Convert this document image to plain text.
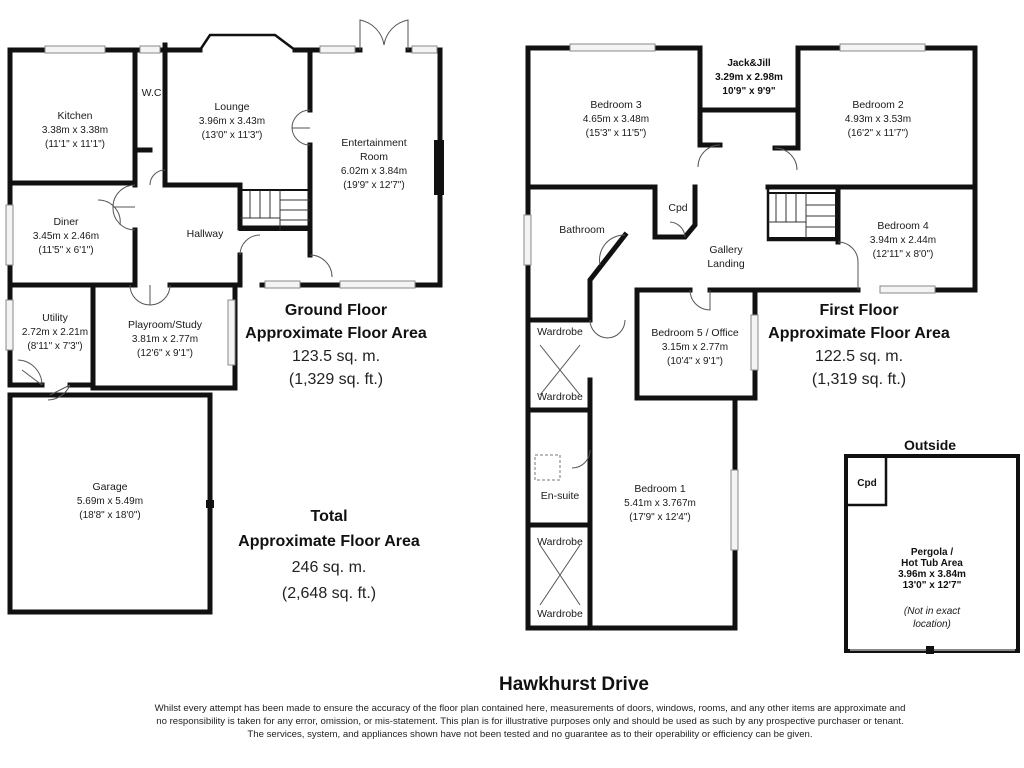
Kitchen
3.38m x 3.38m
(11'1" x 11'1")
W.C.
Lounge
3.96m x 3.43m
(13'0" x 11'3")
Entertainment
Room
6.02m x 3.84m
(19'9" x 12'7")
Diner
3.45m x 2.46m
(11'5" x 6'1")
Hallway
Utility
2.72m x 2.21m
(8'11" x 7'3")
Playroom/Study
3.81m x 2.77m
(12'6" x 9'1")
Garage
5.69m x 5.49m
(18'8" x 18'0")
Ground Floor
Approximate Floor Area
123.5 sq. m.
(1,329 sq. ft.)
Total
Approximate Floor Area
246 sq. m.
(2,648 sq. ft.)
Bedroom 3
4.65m x 3.48m
(15'3" x 11'5")
Jack&Jill
3.29m x 2.98m
10'9" x 9'9"
Bedroom 2
4.93m x 3.53m
(16'2" x 11'7")
Bathroom
Cpd
Gallery
Landing
Bedroom 4
3.94m x 2.44m
(12'11" x 8'0")
Wardrobe
Wardrobe
Bedroom 5 / Office
3.15m x 2.77m
(10'4" x 9'1")
En-suite
Bedroom 1
5.41m x 3.767m
(17'9" x 12'4")
Wardrobe
Wardrobe
First Floor
Approximate Floor Area
122.5 sq. m.
(1,319 sq. ft.)
Outside
Cpd
Pergola /
Hot Tub Area
3.96m x 3.84m
13'0" x 12'7"
(Not in exact
location)
Hawkhurst Drive
Whilst every attempt has been made to ensure the accuracy of the floor plan contained here, measurements of doors, windows, rooms, and any other items are approximate and
no responsibility is taken for any error, omission, or mis-statement. This plan is for illustrative purposes only and should be used as such by any prospective purchaser or tenant.
The services, system, and appliances shown have not been tested and no guarantee as to their operability or efficiency can be given.
